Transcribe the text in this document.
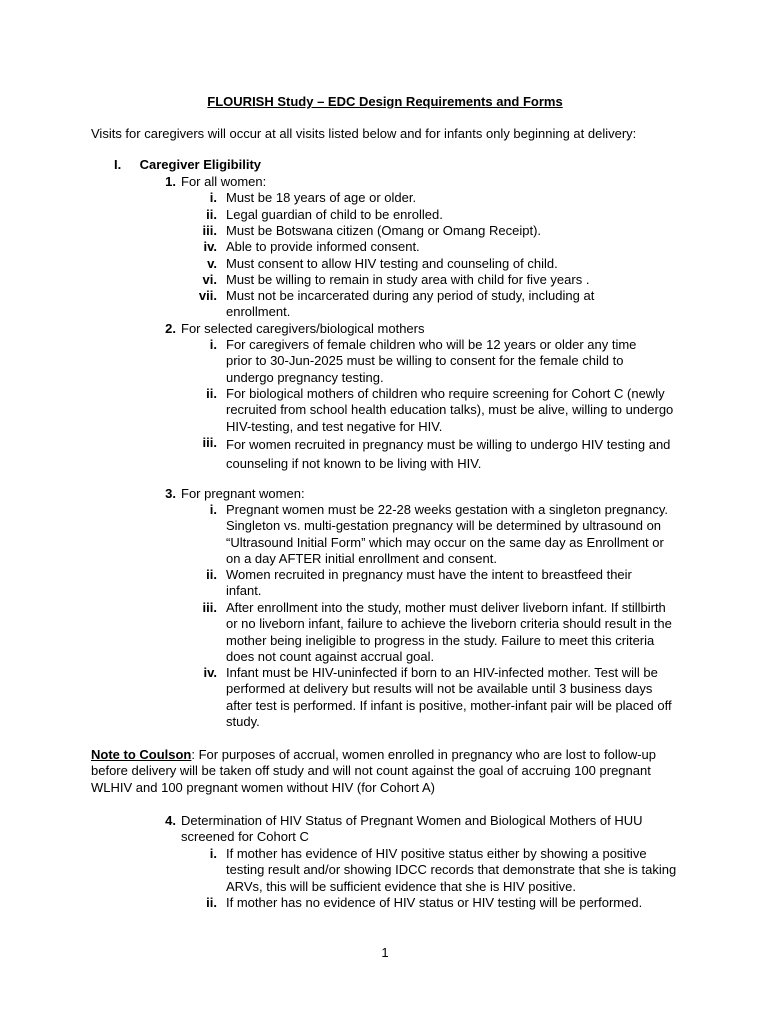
FLOURISH Study – EDC Design Requirements and Forms
Visits for caregivers will occur at all visits listed below and for infants only beginning at delivery:
I. Caregiver Eligibility
1. For all women:
i. Must be 18 years of age or older.
ii. Legal guardian of child to be enrolled.
iii. Must be Botswana citizen (Omang or Omang Receipt).
iv. Able to provide informed consent.
v. Must consent to allow HIV testing and counseling of child.
vi. Must be willing to remain in study area with child for five years .
vii. Must not be incarcerated during any period of study, including at enrollment.
2. For selected caregivers/biological mothers
i. For caregivers of female children who will be 12 years or older any time prior to 30-Jun-2025 must be willing to consent for the female child to undergo pregnancy testing.
ii. For biological mothers of children who require screening for Cohort C (newly recruited from school health education talks), must be alive, willing to undergo HIV-testing, and test negative for HIV.
iii. For women recruited in pregnancy must be willing to undergo HIV testing and counseling if not known to be living with HIV.
3. For pregnant women:
i. Pregnant women must be 22-28 weeks gestation with a singleton pregnancy. Singleton vs. multi-gestation pregnancy will be determined by ultrasound on “Ultrasound Initial Form” which may occur on the same day as Enrollment or on a day AFTER initial enrollment and consent.
ii. Women recruited in pregnancy must have the intent to breastfeed their infant.
iii. After enrollment into the study, mother must deliver liveborn infant. If stillbirth or no liveborn infant, failure to achieve the liveborn criteria should result in the mother being ineligible to progress in the study. Failure to meet this criteria does not count against accrual goal.
iv. Infant must be HIV-uninfected if born to an HIV-infected mother. Test will be performed at delivery but results will not be available until 3 business days after test is performed. If infant is positive, mother-infant pair will be placed off study.
Note to Coulson: For purposes of accrual, women enrolled in pregnancy who are lost to follow-up before delivery will be taken off study and will not count against the goal of accruing 100 pregnant WLHIV and 100 pregnant women without HIV (for Cohort A)
4. Determination of HIV Status of Pregnant Women and Biological Mothers of HUU screened for Cohort C
i. If mother has evidence of HIV positive status either by showing a positive testing result and/or showing IDCC records that demonstrate that she is taking ARVs, this will be sufficient evidence that she is HIV positive.
ii. If mother has no evidence of HIV status or HIV testing will be performed.
1
